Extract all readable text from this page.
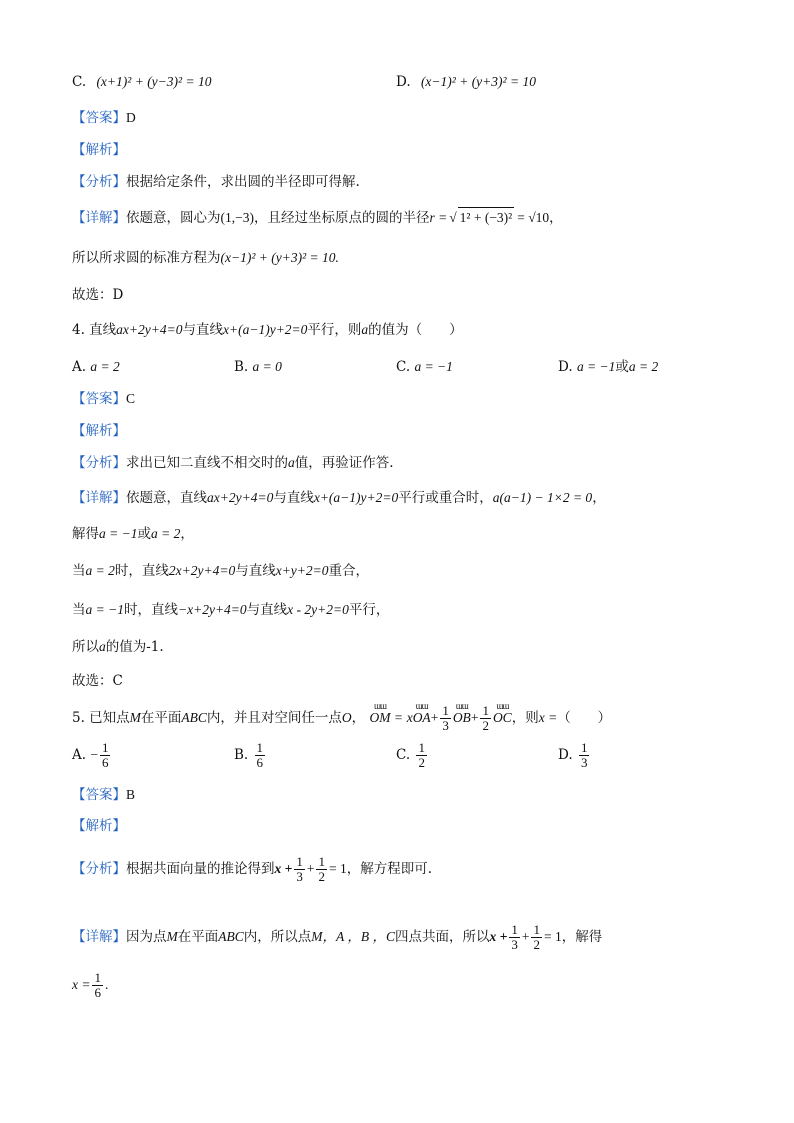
C. (x+1)² + (y−3)² = 10	D. (x−1)² + (y+3)² = 10
【答案】D
【解析】
【分析】根据给定条件，求出圆的半径即可得解.
【详解】依题意，圆心为(1,−3)，且经过坐标原点的圆的半径r = √ 1² + (−3)² = √10，
所以所求圆的标准方程为(x−1)² + (y+3)² = 10.
故选：D
4. 直线ax+2y+4=0与直线x+(a−1)y+2=0平行，则a的值为（　　）
A. a = 2	B. a = 0	C. a = −1	D. a = −1或a = 2
【答案】C
【解析】
【分析】求出已知二直线不相交时的a值，再验证作答.
【详解】依题意，直线ax+2y+4=0与直线x+(a−1)y+2=0平行或重合时，a(a−1) − 1×2 = 0，
解得a = −1或a = 2，
当a = 2时，直线2x+2y+4=0与直线x+y+2=0重合，
当a = −1时，直线−x+2y+4=0与直线x - 2y+2=0平行，
所以a的值为-1.
故选：C
5. 已知点M在平面ABC内，并且对空间任一点O，
ɯɯ
OM = x
ɯɯ
$OA+ \frac{1}{3}$ ɯɯ
$OB+ \frac{1}{2}$ ɯɯ
OC，则x =（　　）
A. − $\frac{1}{6}$	B. $\frac{1}{6}$	C. $\frac{1}{2}$	D. $\frac{1}{3}$
【答案】B
【解析】
【分析】根据共面向量的推论得到$x + \frac{1}{3} + \frac{1}{2} = 1$，解方程即可.
【详解】因为点M在平面ABC内，所以点M，A ，B ，C四点共面，所以$x + \frac{1}{3} + \frac{1}{2} = 1$，解得
$x = \frac{1}{6}$ .
